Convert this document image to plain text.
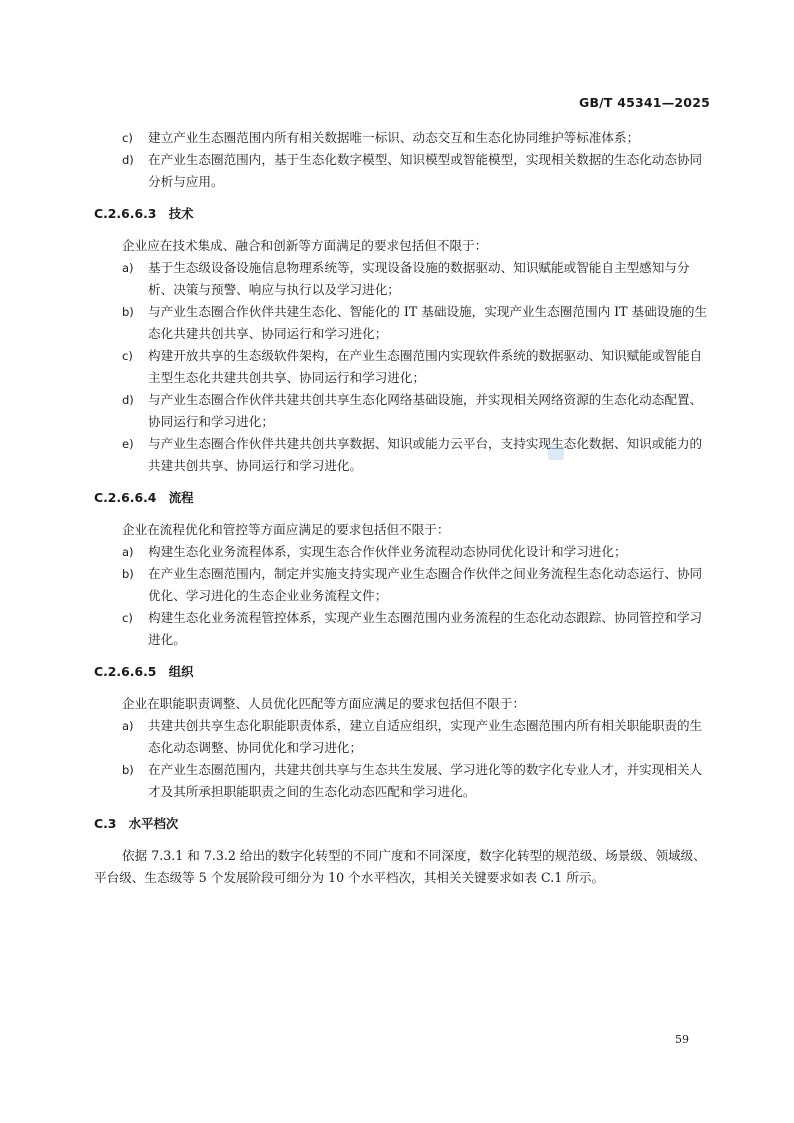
GB/T 45341—2025
c) 建立产业生态圈范围内所有相关数据唯一标识、动态交互和生态化协同维护等标准体系；
d) 在产业生态圈范围内，基于生态化数字模型、知识模型或智能模型，实现相关数据的生态化动态协同分析与应用。
C.2.6.6.3 技术
企业应在技术集成、融合和创新等方面满足的要求包括但不限于：
a) 基于生态级设备设施信息物理系统等，实现设备设施的数据驱动、知识赋能或智能自主型感知与分析、决策与预警、响应与执行以及学习进化；
b) 与产业生态圈合作伙伴共建生态化、智能化的 IT 基础设施，实现产业生态圈范围内 IT 基础设施的生态化共建共创共享、协同运行和学习进化；
c) 构建开放共享的生态级软件架构，在产业生态圈范围内实现软件系统的数据驱动、知识赋能或智能自主型生态化共建共创共享、协同运行和学习进化；
d) 与产业生态圈合作伙伴共建共创共享生态化网络基础设施，并实现相关网络资源的生态化动态配置、协同运行和学习进化；
e) 与产业生态圈合作伙伴共建共创共享数据、知识或能力云平台，支持实现生态化数据、知识或能力的共建共创共享、协同运行和学习进化。
C.2.6.6.4 流程
企业在流程优化和管控等方面应满足的要求包括但不限于：
a) 构建生态化业务流程体系，实现生态合作伙伴业务流程动态协同优化设计和学习进化；
b) 在产业生态圈范围内，制定并实施支持实现产业生态圈合作伙伴之间业务流程生态化动态运行、协同优化、学习进化的生态企业业务流程文件；
c) 构建生态化业务流程管控体系，实现产业生态圈范围内业务流程的生态化动态跟踪、协同管控和学习进化。
C.2.6.6.5 组织
企业在职能职责调整、人员优化匹配等方面应满足的要求包括但不限于：
a) 共建共创共享生态化职能职责体系，建立自适应组织，实现产业生态圈范围内所有相关职能职责的生态化动态调整、协同优化和学习进化；
b) 在产业生态圈范围内，共建共创共享与生态共生发展、学习进化等的数字化专业人才，并实现相关人才及其所承担职能职责之间的生态化动态匹配和学习进化。
C.3 水平档次
依据 7.3.1 和 7.3.2 给出的数字化转型的不同广度和不同深度，数字化转型的规范级、场景级、领域级、平台级、生态级等 5 个发展阶段可细分为 10 个水平档次，其相关关键要求如表 C.1 所示。
59
